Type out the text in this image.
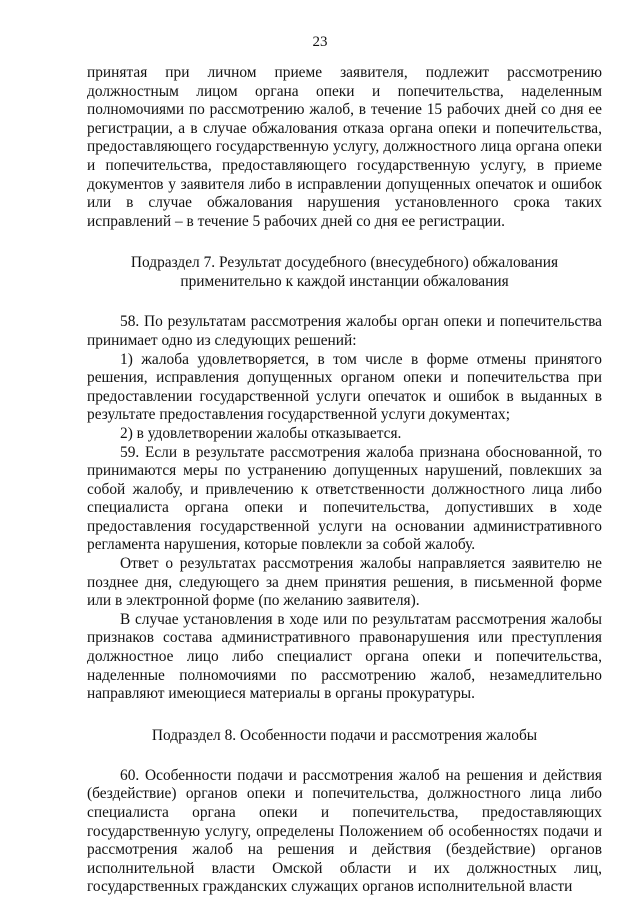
23

принятая при личном приеме заявителя, подлежит рассмотрению должностным лицом органа опеки и попечительства, наделенным полномочиями по рассмотрению жалоб, в течение 15 рабочих дней со дня ее регистрации, а в случае обжалования отказа органа опеки и попечительства, предоставляющего государственную услугу, должностного лица органа опеки и попечительства, предоставляющего государственную услугу, в приеме документов у заявителя либо в исправлении допущенных опечаток и ошибок или в случае обжалования нарушения установленного срока таких исправлений – в течение 5 рабочих дней со дня ее регистрации.

Подраздел 7. Результат досудебного (внесудебного) обжалования применительно к каждой инстанции обжалования

58. По результатам рассмотрения жалобы орган опеки и попечительства принимает одно из следующих решений:

1) жалоба удовлетворяется, в том числе в форме отмены принятого решения, исправления допущенных органом опеки и попечительства при предоставлении государственной услуги опечаток и ошибок в выданных в результате предоставления государственной услуги документах;

2) в удовлетворении жалобы отказывается.

59. Если в результате рассмотрения жалоба признана обоснованной, то принимаются меры по устранению допущенных нарушений, повлекших за собой жалобу, и привлечению к ответственности должностного лица либо специалиста органа опеки и попечительства, допустивших в ходе предоставления государственной услуги на основании административного регламента нарушения, которые повлекли за собой жалобу.

Ответ о результатах рассмотрения жалобы направляется заявителю не позднее дня, следующего за днем принятия решения, в письменной форме или в электронной форме (по желанию заявителя).

В случае установления в ходе или по результатам рассмотрения жалобы признаков состава административного правонарушения или преступления должностное лицо либо специалист органа опеки и попечительства, наделенные полномочиями по рассмотрению жалоб, незамедлительно направляют имеющиеся материалы в органы прокуратуры.

Подраздел 8. Особенности подачи и рассмотрения жалобы

60. Особенности подачи и рассмотрения жалоб на решения и действия (бездействие) органов опеки и попечительства, должностного лица либо специалиста органа опеки и попечительства, предоставляющих государственную услугу, определены Положением об особенностях подачи и рассмотрения жалоб на решения и действия (бездействие) органов исполнительной власти Омской области и их должностных лиц, государственных гражданских служащих органов исполнительной власти
